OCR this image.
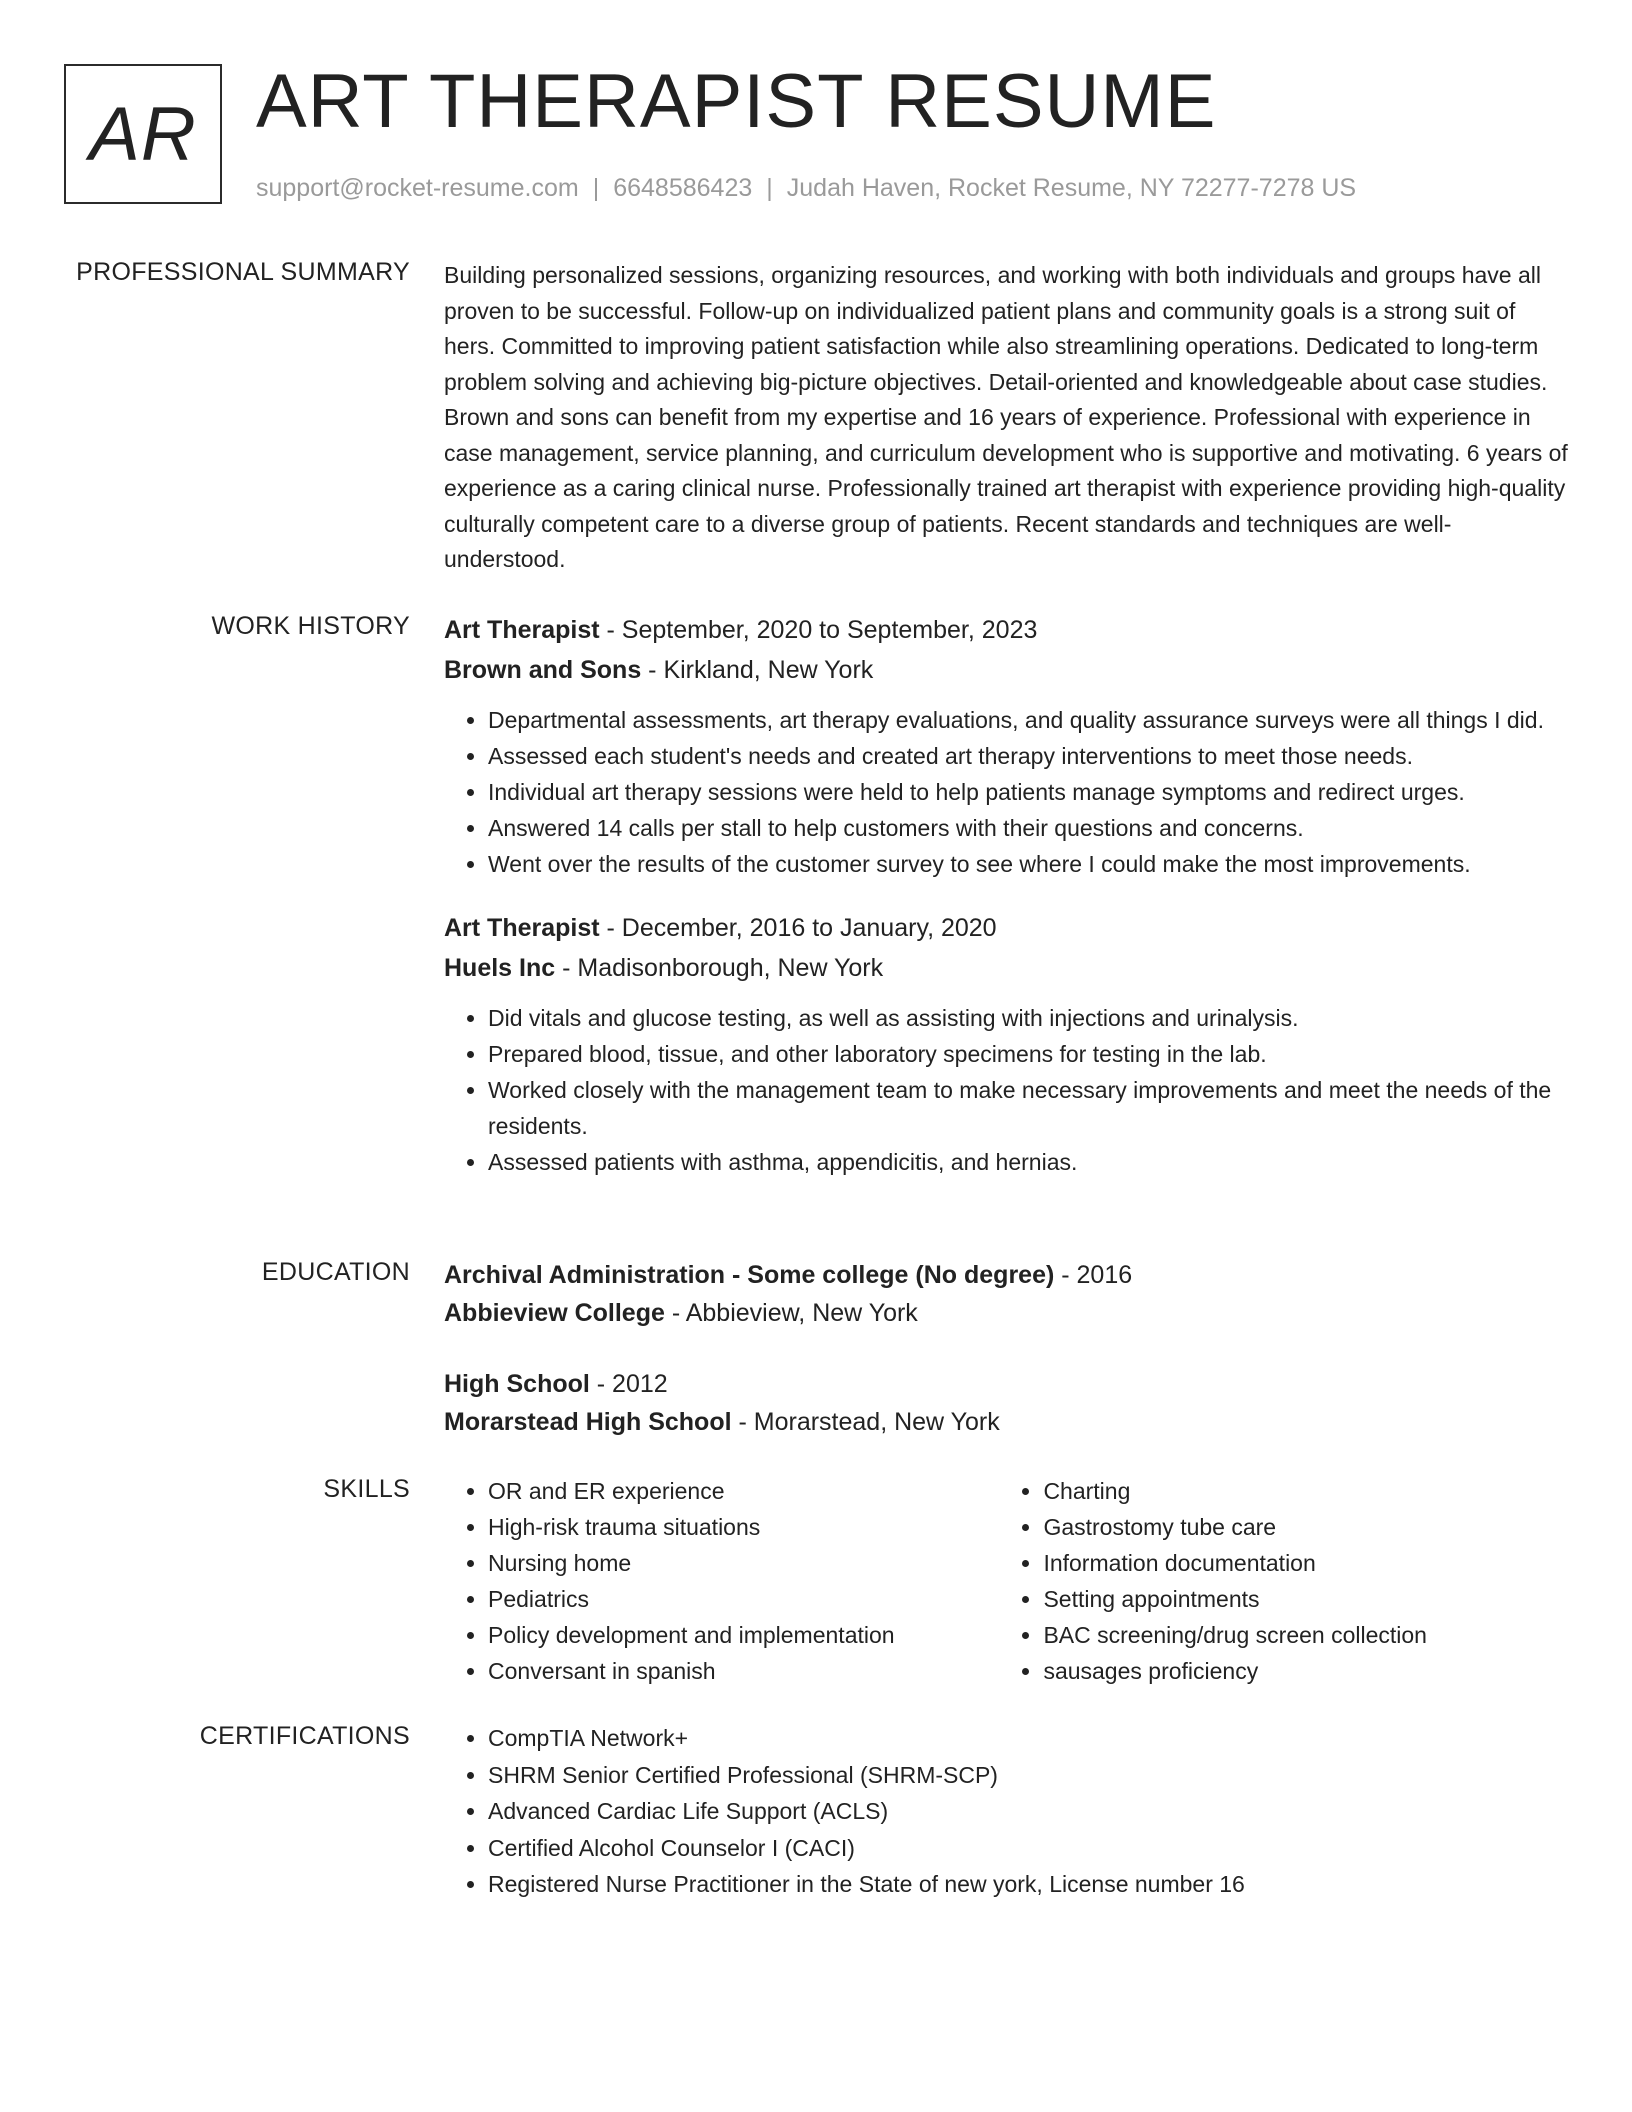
AR ART THERAPIST RESUME
support@rocket-resume.com | 6648586423 | Judah Haven, Rocket Resume, NY 72277-7278 US
PROFESSIONAL SUMMARY Building personalized sessions, organizing resources, and working with both individuals and groups have all proven to be successful. Follow-up on individualized patient plans and community goals is a strong suit of hers. Committed to improving patient satisfaction while also streamlining operations. Dedicated to long-term problem solving and achieving big-picture objectives. Detail-oriented and knowledgeable about case studies. Brown and sons can benefit from my expertise and 16 years of experience. Professional with experience in case management, service planning, and curriculum development who is supportive and motivating. 6 years of experience as a caring clinical nurse. Professionally trained art therapist with experience providing high-quality culturally competent care to a diverse group of patients. Recent standards and techniques are well-understood.

WORK HISTORY Art Therapist - September, 2020 to September, 2023
Brown and Sons - Kirkland, New York
• Departmental assessments, art therapy evaluations, and quality assurance surveys were all things I did.
• Assessed each student's needs and created art therapy interventions to meet those needs.
• Individual art therapy sessions were held to help patients manage symptoms and redirect urges.
• Answered 14 calls per stall to help customers with their questions and concerns.
• Went over the results of the customer survey to see where I could make the most improvements.
Art Therapist - December, 2016 to January, 2020
Huels Inc - Madisonborough, New York
• Did vitals and glucose testing, as well as assisting with injections and urinalysis.
• Prepared blood, tissue, and other laboratory specimens for testing in the lab.
• Worked closely with the management team to make necessary improvements and meet the needs of the residents.
• Assessed patients with asthma, appendicitis, and hernias.
EDUCATION Archival Administration - Some college (No degree) - 2016
Abbieview College - Abbieview, New York
High School - 2012
Morarstead High School - Morarstead, New York
SKILLS	• OR and ER experience
• High-risk trauma situations
• Nursing home
• Pediatrics
• Policy development and implementation
• Conversant in spanish
• Charting
• Gastrostomy tube care
• Information documentation
• Setting appointments
• BAC screening/drug screen collection
• sausages proficiency
CERTIFICATIONS	• CompTIA Network+
• SHRM Senior Certified Professional (SHRM-SCP)
• Advanced Cardiac Life Support (ACLS)
• Certified Alcohol Counselor I (CACI)
• Registered Nurse Practitioner in the State of new york, License number 16
